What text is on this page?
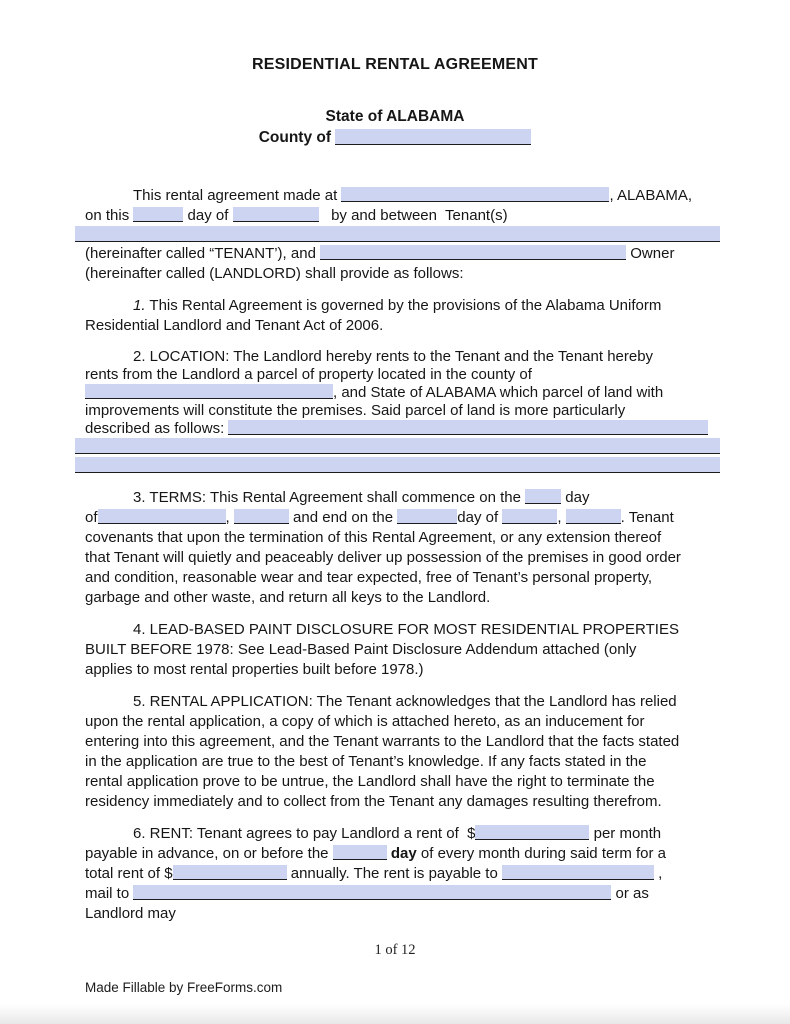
RESIDENTIAL RENTAL AGREEMENT
State of ALABAMA
County of
This rental agreement made at	, ALABAMA,
on this	day of	by and between  Tenant(s)
(hereinafter called “TENANT’), and	Owner
(hereinafter called (LANDLORD) shall provide as follows:
1. This Rental Agreement is governed by the provisions of the Alabama Uniform
Residential Landlord and Tenant Act of 2006.
2. LOCATION: The Landlord hereby rents to the Tenant and the Tenant hereby
rents from the Landlord a parcel of property located in the county of
, and State of ALABAMA which parcel of land with
improvements will constitute the premises. Said parcel of land is more particularly
described as follows:
3. TERMS: This Rental Agreement shall commence on the  day
of	,	and end on the	day of	,	. Tenant
covenants that upon the termination of this Rental Agreement, or any extension thereof
that Tenant will quietly and peaceably deliver up possession of the premises in good order
and condition, reasonable wear and tear expected, free of Tenant’s personal property,
garbage and other waste, and return all keys to the Landlord.
4. LEAD-BASED PAINT DISCLOSURE FOR MOST RESIDENTIAL PROPERTIES
BUILT BEFORE 1978: See Lead-Based Paint Disclosure Addendum attached (only
applies to most rental properties built before 1978.)
5. RENTAL APPLICATION: The Tenant acknowledges that the Landlord has relied
upon the rental application, a copy of which is attached hereto, as an inducement for
entering into this agreement, and the Tenant warrants to the Landlord that the facts stated
in the application are true to the best of Tenant’s knowledge. If any facts stated in the
rental application prove to be untrue, the Landlord shall have the right to terminate the
residency immediately and to collect from the Tenant any damages resulting therefrom.
6. RENT: Tenant agrees to pay Landlord a rent of  $	per month
payable in advance, on or before the	day of every month during said term for a
total rent of $	annually. The rent is payable to	,
mail to	or as
Landlord may
1 of 12
Made Fillable by FreeForms.com
